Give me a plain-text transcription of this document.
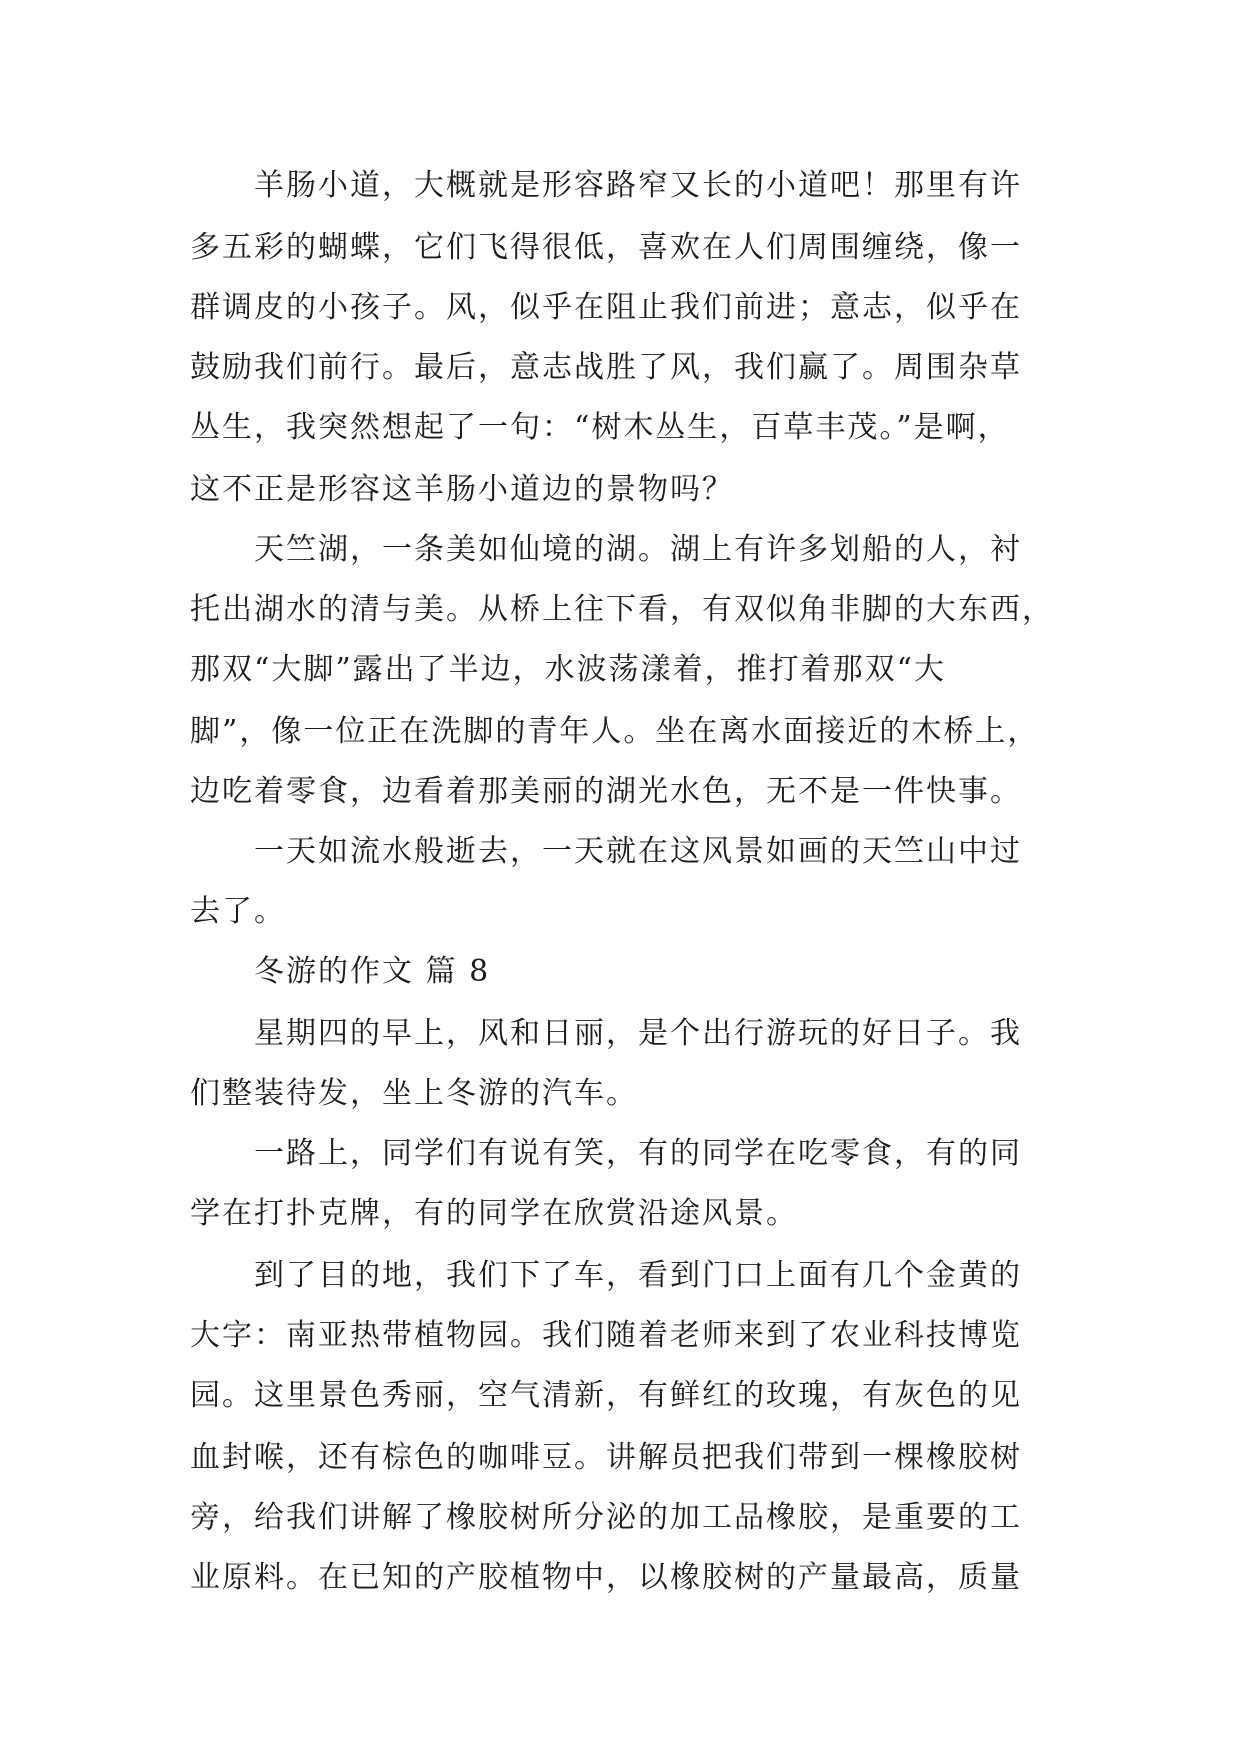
羊肠小道，大概就是形容路窄又长的小道吧！那里有许
多五彩的蝴蝶，它们飞得很低，喜欢在人们周围缠绕，像一
群调皮的小孩子。风，似乎在阻止我们前进；意志，似乎在
鼓励我们前行。最后，意志战胜了风，我们赢了。周围杂草
丛生，我突然想起了一句：“树木丛生，百草丰茂。”是啊，
这不正是形容这羊肠小道边的景物吗？
天竺湖，一条美如仙境的湖。湖上有许多划船的人，衬
托出湖水的清与美。从桥上往下看，有双似角非脚的大东西，
那双“大脚”露出了半边，水波荡漾着，推打着那双“大
脚”，像一位正在洗脚的青年人。坐在离水面接近的木桥上，
边吃着零食，边看着那美丽的湖光水色，无不是一件快事。
一天如流水般逝去，一天就在这风景如画的天竺山中过
去了。
冬游的作文 篇 8
星期四的早上，风和日丽，是个出行游玩的好日子。我
们整装待发，坐上冬游的汽车。
一路上，同学们有说有笑，有的同学在吃零食，有的同
学在打扑克牌，有的同学在欣赏沿途风景。
到了目的地，我们下了车，看到门口上面有几个金黄的
大字：南亚热带植物园。我们随着老师来到了农业科技博览
园。这里景色秀丽，空气清新，有鲜红的玫瑰，有灰色的见
血封喉，还有棕色的咖啡豆。讲解员把我们带到一棵橡胶树
旁，给我们讲解了橡胶树所分泌的加工品橡胶，是重要的工
业原料。在已知的产胶植物中，以橡胶树的产量最高，质量
